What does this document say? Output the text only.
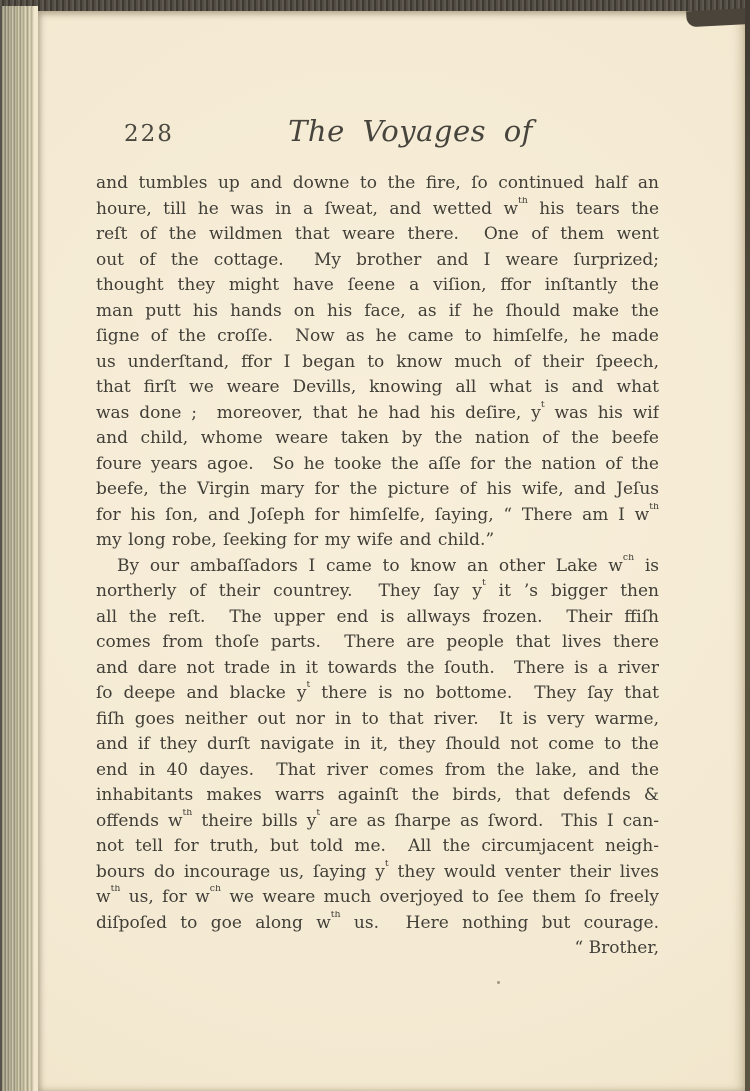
228	The Voyages of
and tumbles up and downe to the fire, ſo continued half an
houre, till he was in a ſweat, and wetted $w^{th}$ his tears the
reſt of the wildmen that weare there.  One of them went
out of the cottage.  My brother and I weare ſurprized;
thought they might have ſeene a viſion, ffor inſtantly the
man putt his hands on his face, as if he ſhould make the
ſigne of the croſſe.  Now as he came to himſelfe, he made
us underſtand, ffor I began to know much of their ſpeech,
that firſt we weare Devills, knowing all what is and what
was done ;  moreover, that he had his deſire, $y^t$ was his wif
and child, whome weare taken by the nation of the beefe
foure years agoe.  So he tooke the aſſe for the nation of the
beefe, the Virgin mary for the picture of his wife, and Jeſus
for his ſon, and Joſeph for himſelfe, ſaying, “ There am I $w^{th}$
my long robe, ſeeking for my wife and child.”
By our ambaſſadors I came to know an other Lake $w^{ch}$ is
northerly of their countrey.  They ſay $y^t$ it ’s bigger then
all the reſt.  The upper end is allways frozen.  Their ffiſh
comes from thoſe parts.  There are people that lives there
and dare not trade in it towards the ſouth.  There is a river
ſo deepe and blacke $y^t$ there is no bottome.  They ſay that
fiſh goes neither out nor in to that river.  It is very warme,
and if they durſt navigate in it, they ſhould not come to the
end in 40 dayes.  That river comes from the lake, and the
inhabitants makes warrs againſt the birds, that defends &
offends $w^{th}$ theire bills $y^t$ are as ſharpe as ſword.  This I can-
not tell for truth, but told me.  All the circumjacent neigh-
bours do incourage us, ſaying $y^t$ they would venter their lives
$w^{th}$ us, for $w^{ch}$ we weare much overjoyed to ſee them ſo freely
diſpoſed to goe along $w^{th}$ us.  Here nothing but courage.
“ Brother,
